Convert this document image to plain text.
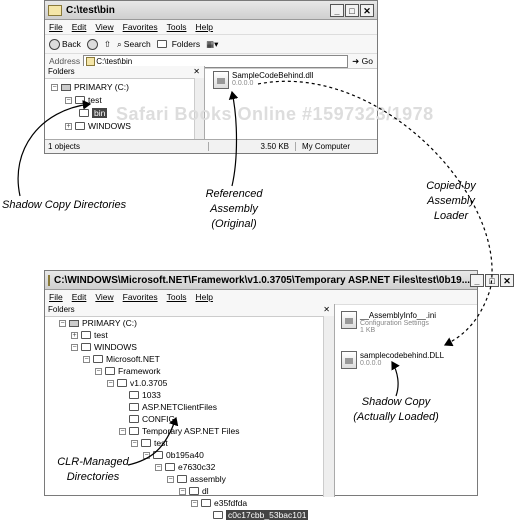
C:\test\bin	_	□ ✕
File Edit View Favorites Tools Help
Back	⇧ ⌕ Search Folders ▦▾
Address	C:\test\bin	➜ Go
Folders	✕
− PRIMARY (C:)
− test
bin
+ WINDOWS
SampleCodeBehind.dll
0.0.0.0
1 objects	3.50 KB	My Computer
Safari Books Online #1597323/1978
C:\WINDOWS\Microsoft.NET\Framework\v1.0.3705\Temporary ASP.NET Files\test\0b19... _	□ ✕
File Edit View Favorites Tools Help
Folders	✕
− PRIMARY (C:)
+ test
− WINDOWS
− Microsoft.NET
− Framework
− v1.0.3705
1033
ASP.NETClientFiles
CONFIG
− Temporary ASP.NET Files
− test
− 0b195a40
− e7630c32
− assembly
− dl
− e35fdfda
c0c17cbb_53bac101
__AssemblyInfo__.ini
Configuration Settings
1 KB
samplecodebehind.DLL
0.0.0.0
Shadow Copy Directories
Referenced
Assembly
(Original)
Copied by
Assembly
Loader
Shadow Copy
(Actually Loaded)
CLR-Managed
Directories
